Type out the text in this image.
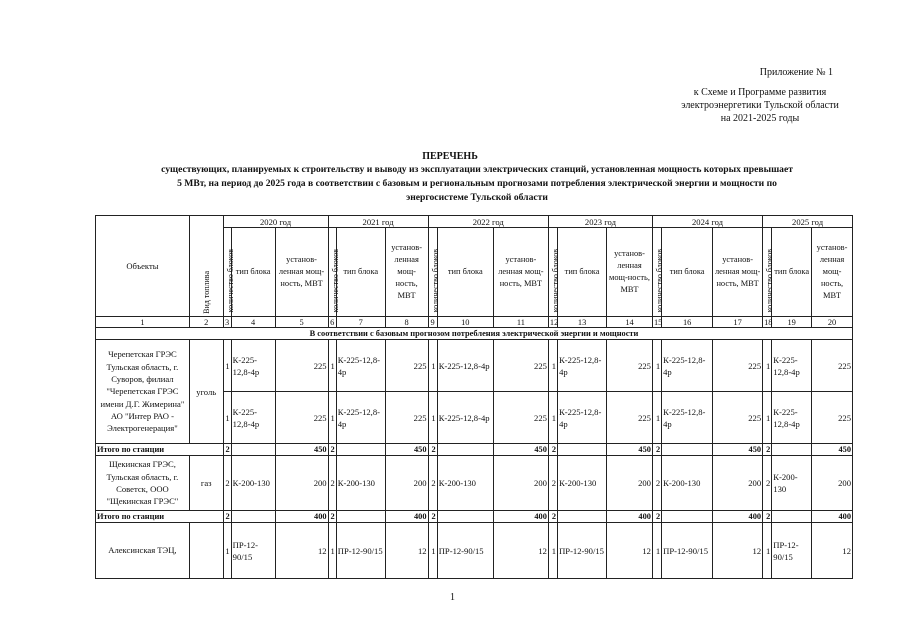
Приложение № 1
к Схеме и Программе развития
электроэнергетики Тульской области
на 2021-2025 годы
ПЕРЕЧЕНЬ
существующих, планируемых к строительству и выводу из эксплуатации электрических станций, установленная мощность которых превышает
5 МВт, на период до 2025 года в соответствии с базовым и региональным прогнозами потребления электрической энергии и мощности по
энергосистеме Тульской области
Объекты	Вид топлива	2020 год			2021 год			2022 год			2023 год			2024 год			2025 год		
		количество блоков	тип блока	установ-ленная мощ-ность, МВТ	количество блоков	тип блока	установ-ленная мощ-ность, МВТ	количество блоков	тип блока	установ-ленная мощ-ность, МВТ	количество блоков	тип блока	установ-ленная мощ-ность, МВТ	количество блоков	тип блока	установ-ленная мощ-ность, МВТ	количество блоков	тип блока	установ-ленная мощ-ность, МВТ
1	2	3	4	5	6	7	8	9	10	11	12	13	14	15	16	17	18	19	20
В соответствии с базовым прогнозом потребления электрической энергии и мощности																			
Черепетская ГРЭС Тульская область, г. Суворов, филиал "Черепетская ГРЭС имени Д.Г. Жимерина" АО "Интер РАО - Электрогенерация"	уголь	1	К-225-12,8-4р	225	1	К-225-12,8-4р	225	1	К-225-12,8-4р	225	1	К-225-12,8-4р	225	1	К-225-12,8-4р	225	1	К-225-12,8-4р	225
		1	К-225-12,8-4р	225	1	К-225-12,8-4р	225	1	К-225-12,8-4р	225	1	К-225-12,8-4р	225	1	К-225-12,8-4р	225	1	К-225-12,8-4р	225
Итого по станции		2		450	2		450	2		450	2		450	2		450	2		450
Щекинская ГРЭС, Тульская область, г. Советск, ООО "Щекинская ГРЭС"	газ	2	К-200-130	200	2	К-200-130	200	2	К-200-130	200	2	К-200-130	200	2	К-200-130	200	2	К-200-130	200
Итого по станции		2		400	2		400	2		400	2		400	2		400	2		400
Алексинская ТЭЦ,		1	ПР-12-90/15	12	1	ПР-12-90/15	12	1	ПР-12-90/15	12	1	ПР-12-90/15	12	1	ПР-12-90/15	12	1	ПР-12-90/15	12
1
